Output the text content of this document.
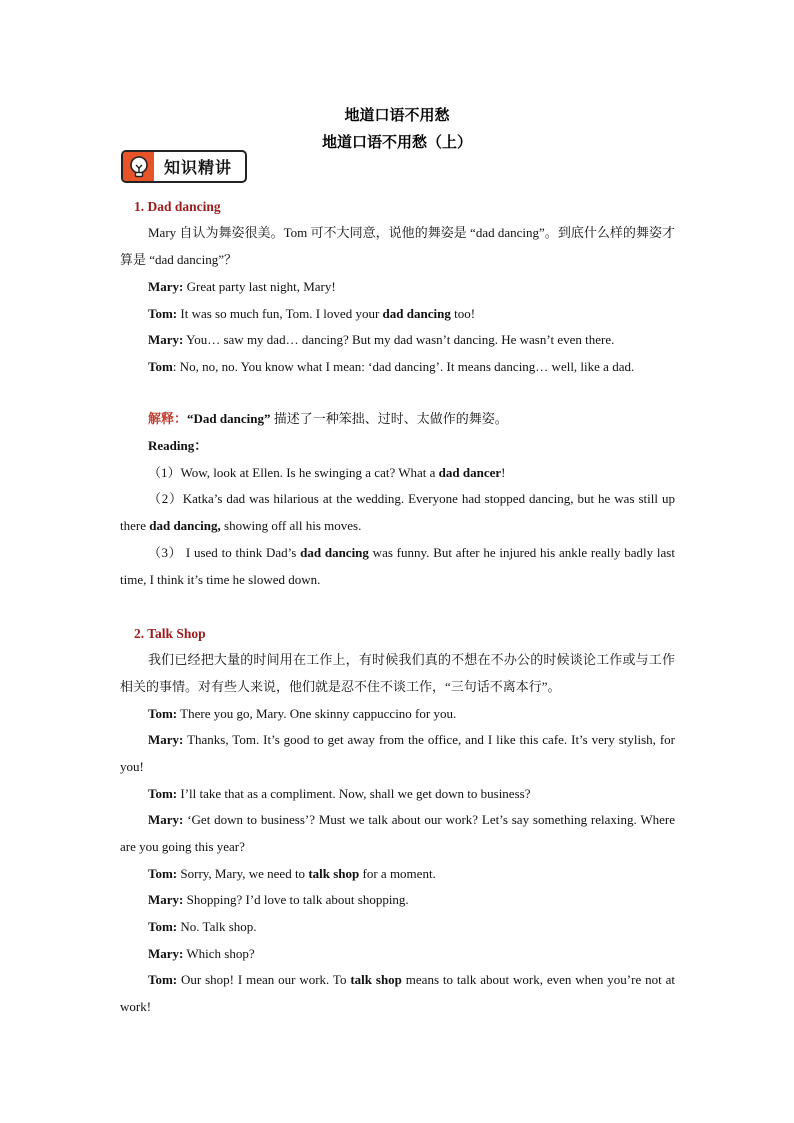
地道口语不用愁
地道口语不用愁（上）
知识精讲
1. Dad dancing
Mary 自认为舞姿很美。Tom 可不大同意，说他的舞姿是 “dad dancing”。到底什么样的舞姿才算是 “dad dancing”？
Mary: Great party last night, Mary!
Tom: It was so much fun, Tom. I loved your dad dancing too!
Mary: You… saw my dad… dancing? But my dad wasn’t dancing. He wasn’t even there.
Tom: No, no, no. You know what I mean: ‘dad dancing’. It means dancing… well, like a dad.
解释：“Dad dancing” 描述了一种笨拙、过时、太做作的舞姿。
Reading：
（1）Wow, look at Ellen. Is he swinging a cat? What a dad dancer!
（2）Katka’s dad was hilarious at the wedding. Everyone had stopped dancing, but he was still up there dad dancing, showing off all his moves.
（3） I used to think Dad’s dad dancing was funny. But after he injured his ankle really badly last time, I think it’s time he slowed down.
2. Talk Shop
我们已经把大量的时间用在工作上，有时候我们真的不想在不办公的时候谈论工作或与工作相关的事情。对有些人来说，他们就是忍不住不谈工作，“三句话不离本行”。
Tom: There you go, Mary. One skinny cappuccino for you.
Mary: Thanks, Tom. It’s good to get away from the office, and I like this cafe. It’s very stylish, for you!
Tom: I’ll take that as a compliment. Now, shall we get down to business?
Mary: ‘Get down to business’? Must we talk about our work? Let’s say something relaxing. Where are you going this year?
Tom: Sorry, Mary, we need to talk shop for a moment.
Mary: Shopping? I’d love to talk about shopping.
Tom: No. Talk shop.
Mary: Which shop?
Tom: Our shop! I mean our work. To talk shop means to talk about work, even when you’re not at work!
